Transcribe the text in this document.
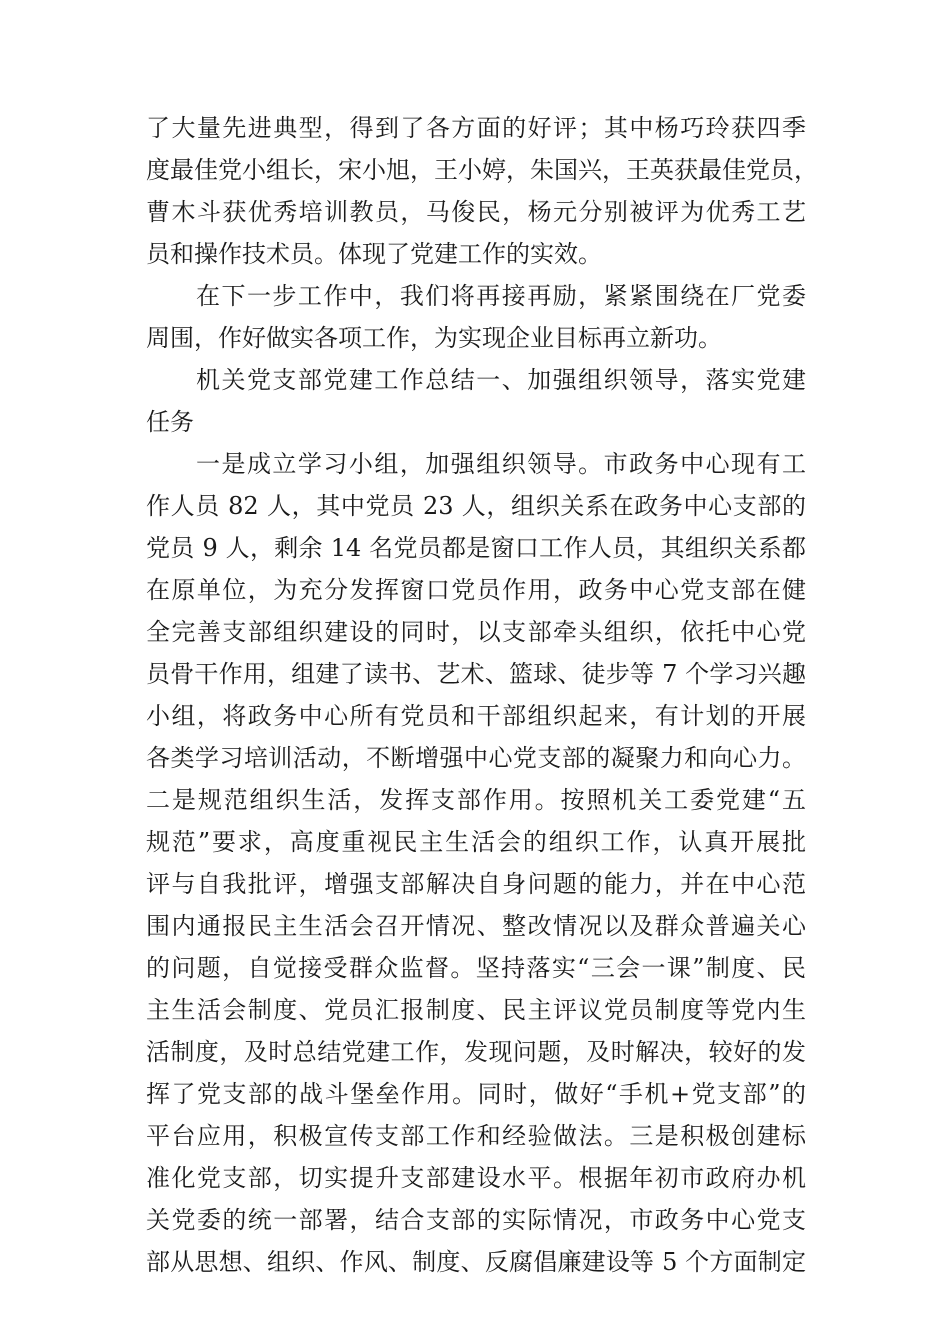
了大量先进典型，得到了各方面的好评；其中杨巧玲获四季
度最佳党小组长，宋小旭，王小婷，朱国兴，王英获最佳党员，
曹木斗获优秀培训教员，马俊民，杨元分别被评为优秀工艺
员和操作技术员。体现了党建工作的实效。
在下一步工作中，我们将再接再励，紧紧围绕在厂党委
周围，作好做实各项工作，为实现企业目标再立新功。
机关党支部党建工作总结一、加强组织领导，落实党建
任务
一是成立学习小组，加强组织领导。市政务中心现有工
作人员 82 人，其中党员 23 人，组织关系在政务中心支部的
党员 9 人，剩余 14 名党员都是窗口工作人员，其组织关系都
在原单位，为充分发挥窗口党员作用，政务中心党支部在健
全完善支部组织建设的同时，以支部牵头组织，依托中心党
员骨干作用，组建了读书、艺术、篮球、徒步等 7 个学习兴趣
小组，将政务中心所有党员和干部组织起来，有计划的开展
各类学习培训活动，不断增强中心党支部的凝聚力和向心力。
二是规范组织生活，发挥支部作用。按照机关工委党建“五
规范”要求，高度重视民主生活会的组织工作，认真开展批
评与自我批评，增强支部解决自身问题的能力，并在中心范
围内通报民主生活会召开情况、整改情况以及群众普遍关心
的问题，自觉接受群众监督。坚持落实“三会一课”制度、民
主生活会制度、党员汇报制度、民主评议党员制度等党内生
活制度，及时总结党建工作，发现问题，及时解决，较好的发
挥了党支部的战斗堡垒作用。同时，做好“手机+党支部”的
平台应用，积极宣传支部工作和经验做法。三是积极创建标
准化党支部，切实提升支部建设水平。根据年初市政府办机
关党委的统一部署，结合支部的实际情况，市政务中心党支
部从思想、组织、作风、制度、反腐倡廉建设等 5 个方面制定
